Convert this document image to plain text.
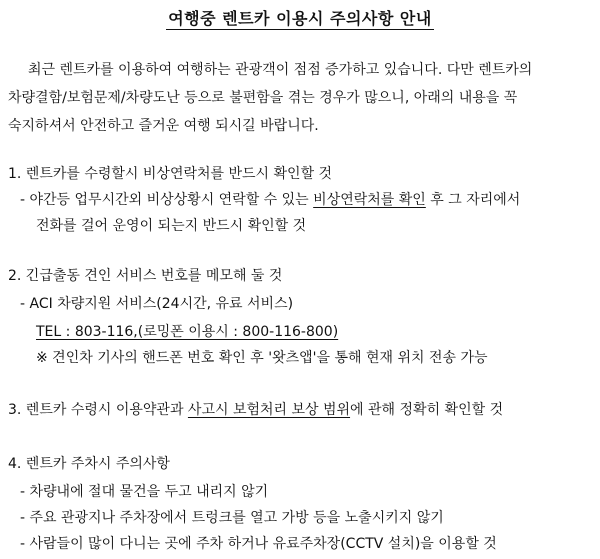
여행중 렌트카 이용시 주의사항 안내
최근 렌트카를 이용하여 여행하는 관광객이 점점 증가하고 있습니다. 다만 렌트카의
차량결함/보험문제/차량도난 등으로 불편함을 겪는 경우가 많으니, 아래의 내용을 꼭
숙지하셔서 안전하고 즐거운 여행 되시길 바랍니다.
1. 렌트카를 수령할시 비상연락처를 반드시 확인할 것
- 야간등 업무시간외 비상상황시 연락할 수 있는 비상연락처를 확인 후 그 자리에서
전화를 걸어 운영이 되는지 반드시 확인할 것
2. 긴급출동 견인 서비스 번호를 메모해 둘 것
- ACI 차량지원 서비스(24시간, 유료 서비스)
TEL : 803-116,(로밍폰 이용시 : 800-116-800)
※ 견인차 기사의 핸드폰 번호 확인 후 '왓츠앱'을 통해 현재 위치 전송 가능
3. 렌트카 수령시 이용약관과 사고시 보험처리 보상 범위에 관해 정확히 확인할 것
4. 렌트카 주차시 주의사항
- 차량내에 절대 물건을 두고 내리지 않기
- 주요 관광지나 주차장에서 트렁크를 열고 가방 등을 노출시키지 않기
- 사람들이 많이 다니는 곳에 주차 하거나 유료주차장(CCTV 설치)을 이용할 것
